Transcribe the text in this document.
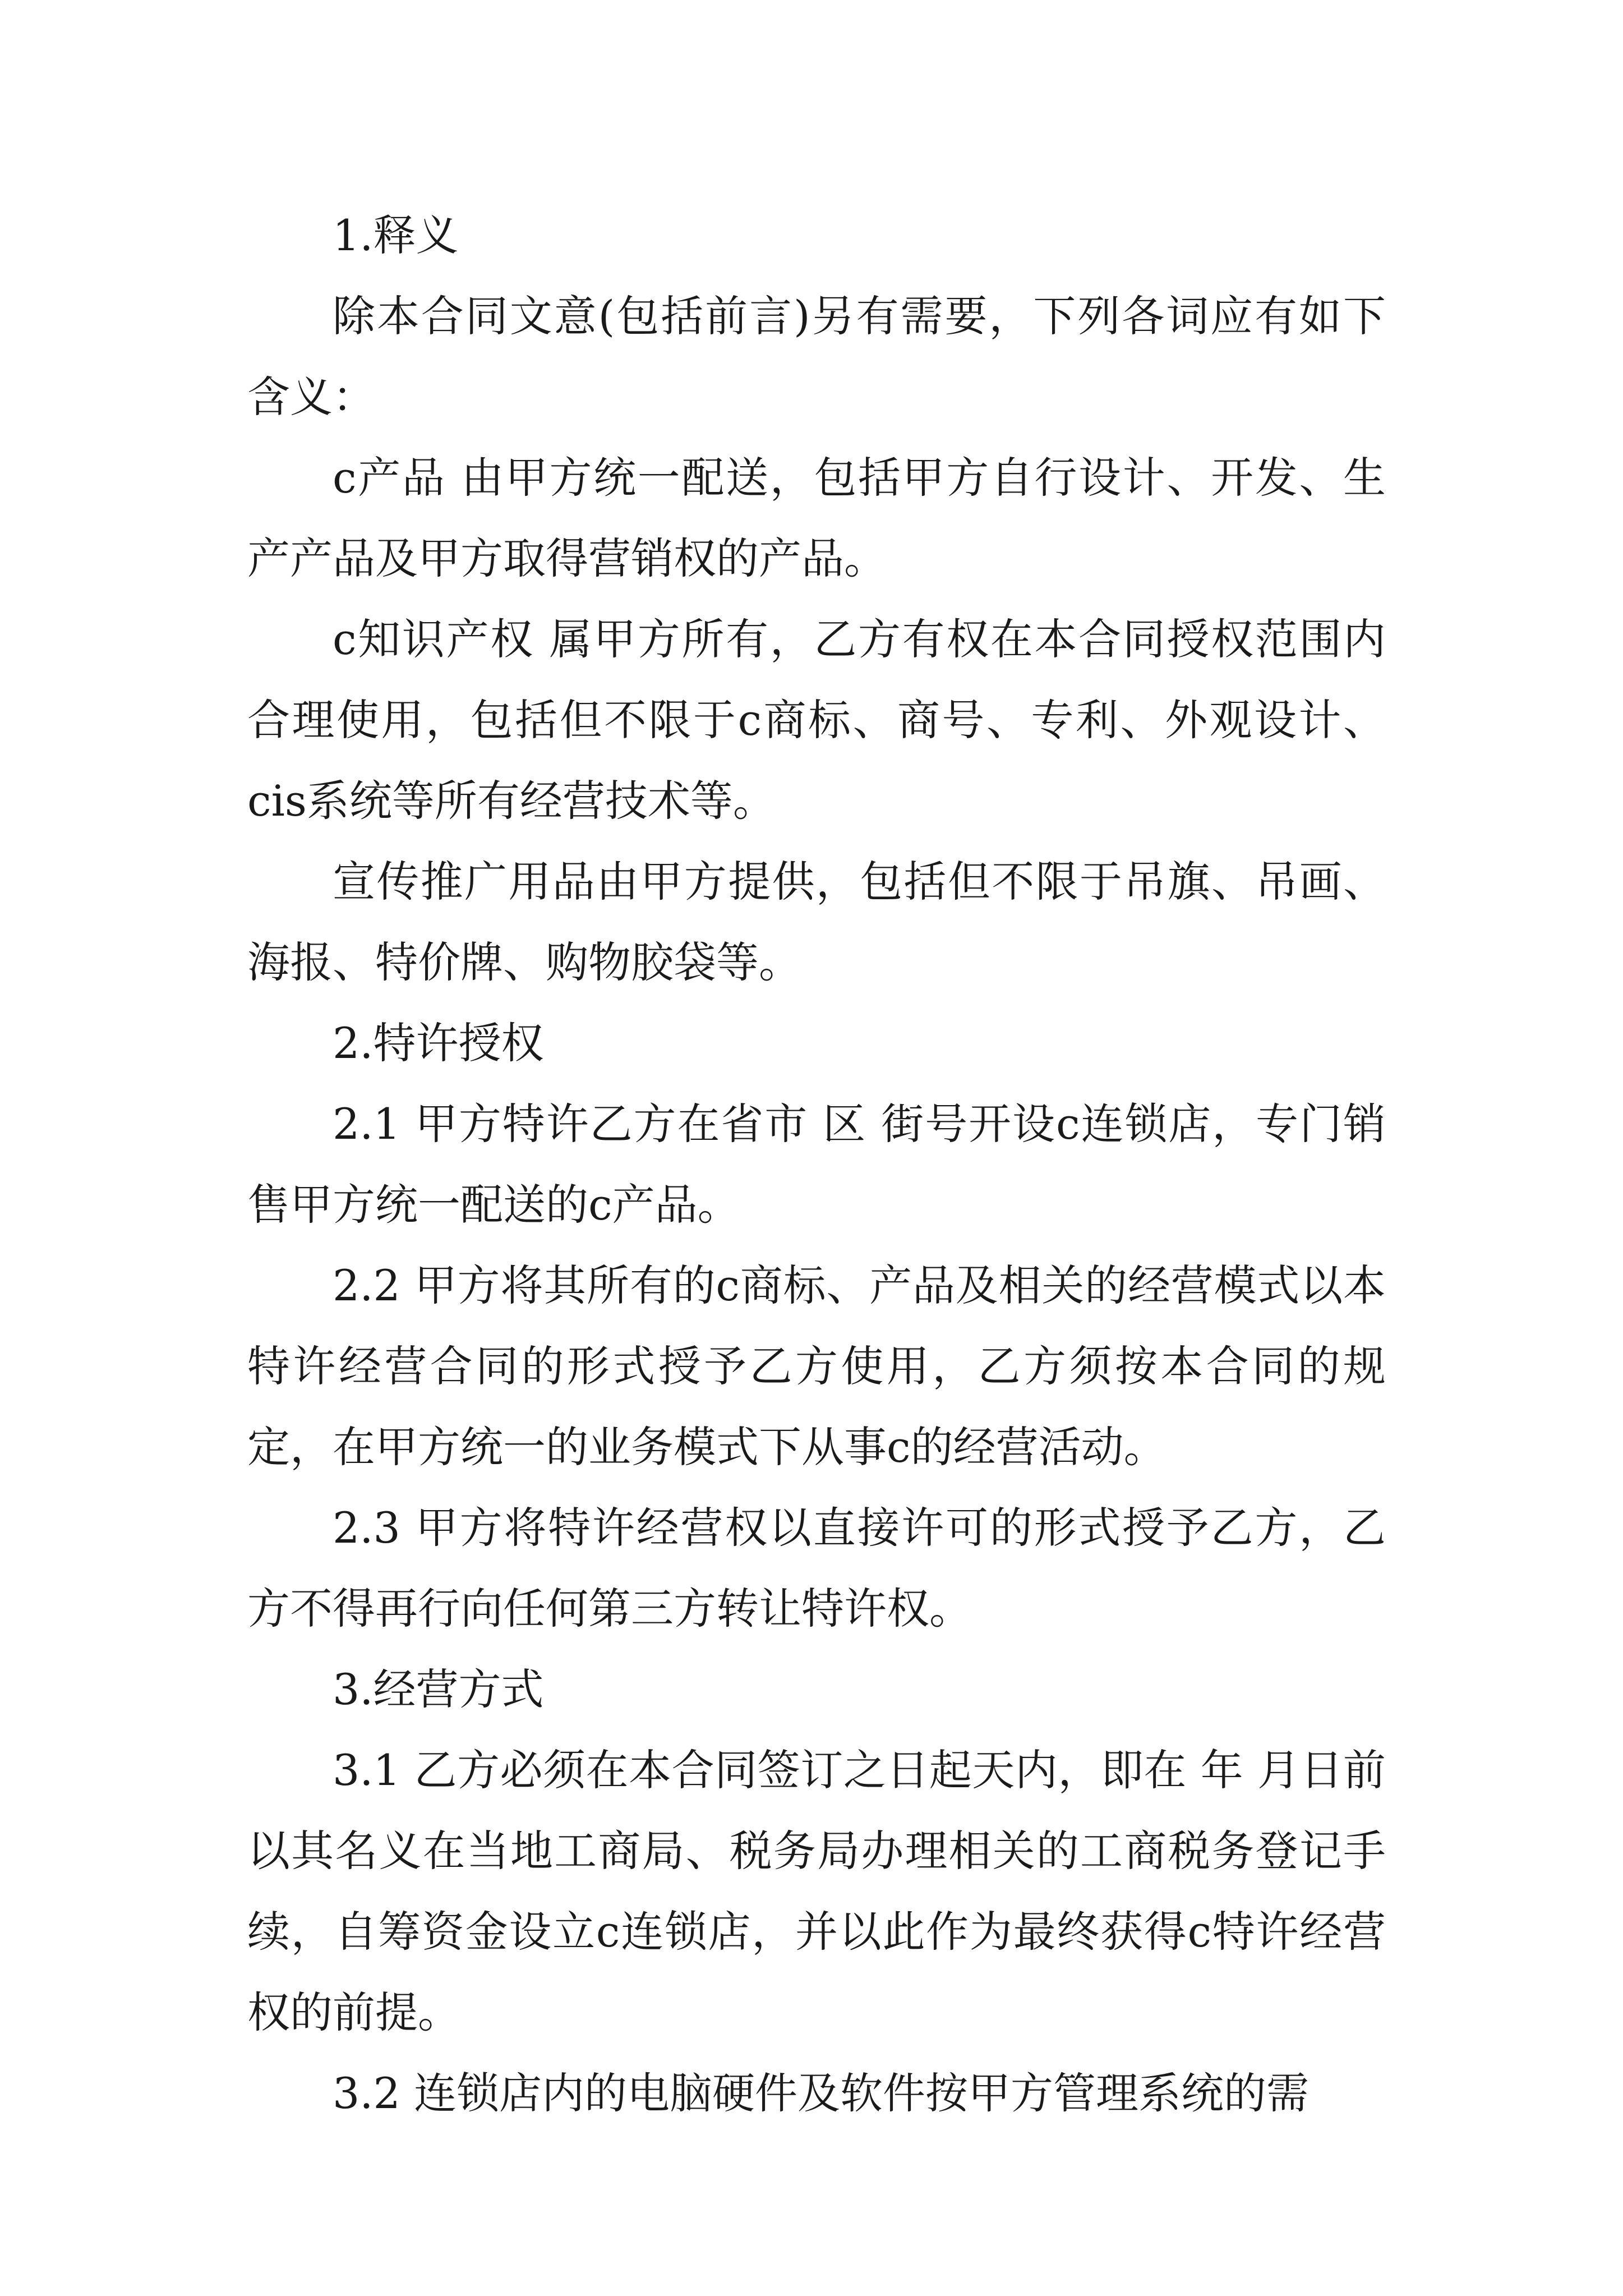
1.释义

除本合同文意(包括前言)另有需要，下列各词应有如下含义：

c产品 由甲方统一配送，包括甲方自行设计、开发、生产产品及甲方取得营销权的产品。

c知识产权 属甲方所有，乙方有权在本合同授权范围内合理使用，包括但不限于c商标、商号、专利、外观设计、cis系统等所有经营技术等。

宣传推广用品由甲方提供，包括但不限于吊旗、吊画、海报、特价牌、购物胶袋等。

2.特许授权

2.1 甲方特许乙方在省市 区 街号开设c连锁店，专门销售甲方统一配送的c产品。

2.2 甲方将其所有的c商标、产品及相关的经营模式以本特许经营合同的形式授予乙方使用，乙方须按本合同的规定，在甲方统一的业务模式下从事c的经营活动。

2.3 甲方将特许经营权以直接许可的形式授予乙方，乙方不得再行向任何第三方转让特许权。

3.经营方式

3.1 乙方必须在本合同签订之日起天内，即在 年 月日前以其名义在当地工商局、税务局办理相关的工商税务登记手续，自筹资金设立c连锁店，并以此作为最终获得c特许经营权的前提。

3.2 连锁店内的电脑硬件及软件按甲方管理系统的需
